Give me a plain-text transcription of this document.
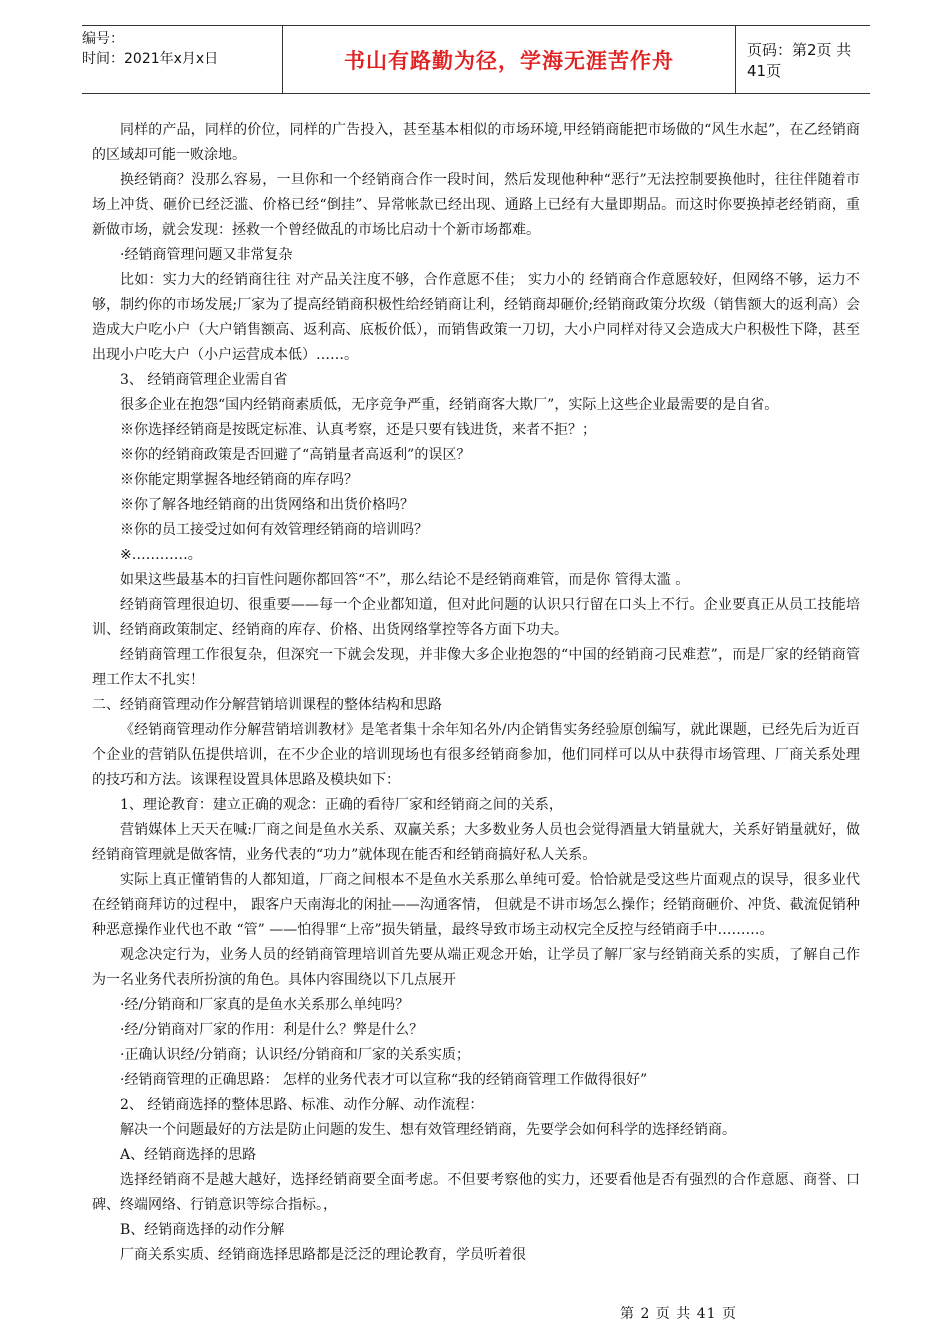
编号：
时间：2021年x月x日	书山有路勤为径，学海无涯苦作舟	页码：第2页 共41页

同样的产品，同样的价位，同样的广告投入，甚至基本相似的市场环境,甲经销商能把市场做的“风生水起”，在乙经销商的区域却可能一败涂地。

换经销商？没那么容易，一旦你和一个经销商合作一段时间，然后发现他种种“恶行”无法控制要换他时，往往伴随着市场上冲货、砸价已经泛滥、价格已经“倒挂”、异常帐款已经出现、通路上已经有大量即期品。而这时你要换掉老经销商，重新做市场，就会发现：拯救一个曾经做乱的市场比启动十个新市场都难。

·经销商管理问题又非常复杂

比如：实力大的经销商往往 对产品关注度不够，合作意愿不佳； 实力小的 经销商合作意愿较好，但网络不够，运力不够，制约你的市场发展;厂家为了提高经销商积极性给经销商让利，经销商却砸价;经销商政策分坎级（销售额大的返利高）会造成大户吃小户（大户销售额高、返利高、底板价低），而销售政策一刀切，大小户同样对待又会造成大户积极性下降，甚至出现小户吃大户（小户运营成本低）……。

3、 经销商管理企业需自省

很多企业在抱怨“国内经销商素质低，无序竞争严重，经销商客大欺厂”，实际上这些企业最需要的是自省。

※你选择经销商是按既定标准、认真考察，还是只要有钱进货，来者不拒？；

※你的经销商政策是否回避了“高销量者高返利”的误区？

※你能定期掌握各地经销商的库存吗？

※你了解各地经销商的出货网络和出货价格吗？

※你的员工接受过如何有效管理经销商的培训吗？

※…………。

如果这些最基本的扫盲性问题你都回答“不”，那么结论不是经销商难管，而是你 管得太滥 。

经销商管理很迫切、很重要——每一个企业都知道，但对此问题的认识只行留在口头上不行。企业要真正从员工技能培训、经销商政策制定、经销商的库存、价格、出货网络掌控等各方面下功夫。

经销商管理工作很复杂，但深究一下就会发现，并非像大多企业抱怨的“中国的经销商刁民难惹”，而是厂家的经销商管理工作太不扎实！

二、经销商管理动作分解营销培训课程的整体结构和思路

《经销商管理动作分解营销培训教材》是笔者集十余年知名外/内企销售实务经验原创编写，就此课题，已经先后为近百个企业的营销队伍提供培训，在不少企业的培训现场也有很多经销商参加，他们同样可以从中获得市场管理、厂商关系处理的技巧和方法。该课程设置具体思路及模块如下：

1、理论教育：建立正确的观念：正确的看待厂家和经销商之间的关系，

营销媒体上天天在喊:厂商之间是鱼水关系、双赢关系；大多数业务人员也会觉得酒量大销量就大，关系好销量就好，做经销商管理就是做客情，业务代表的“功力”就体现在能否和经销商搞好私人关系。

实际上真正懂销售的人都知道，厂商之间根本不是鱼水关系那么单纯可爱。恰恰就是受这些片面观点的误导，很多业代在经销商拜访的过程中， 跟客户天南海北的闲扯——沟通客情， 但就是不讲市场怎么操作；经销商砸价、冲货、截流促销种种恶意操作业代也不敢 “管” ——怕得罪“上帝”损失销量，最终导致市场主动权完全反控与经销商手中………。

观念决定行为，业务人员的经销商管理培训首先要从端正观念开始，让学员了解厂家与经销商关系的实质，了解自己作为一名业务代表所扮演的角色。具体内容围绕以下几点展开

·经/分销商和厂家真的是鱼水关系那么单纯吗？

·经/分销商对厂家的作用：利是什么？弊是什么？

·正确认识经/分销商；认识经/分销商和厂家的关系实质；

·经销商管理的正确思路： 怎样的业务代表才可以宣称“我的经销商管理工作做得很好”

2、 经销商选择的整体思路、标准、动作分解、动作流程：

解决一个问题最好的方法是防止问题的发生、想有效管理经销商，先要学会如何科学的选择经销商。

A、经销商选择的思路

选择经销商不是越大越好，选择经销商要全面考虑。不但要考察他的实力，还要看他是否有强烈的合作意愿、商誉、口碑、终端网络、行销意识等综合指标。，

B、经销商选择的动作分解

厂商关系实质、经销商选择思路都是泛泛的理论教育，学员听着很

第 2 页 共 41 页
